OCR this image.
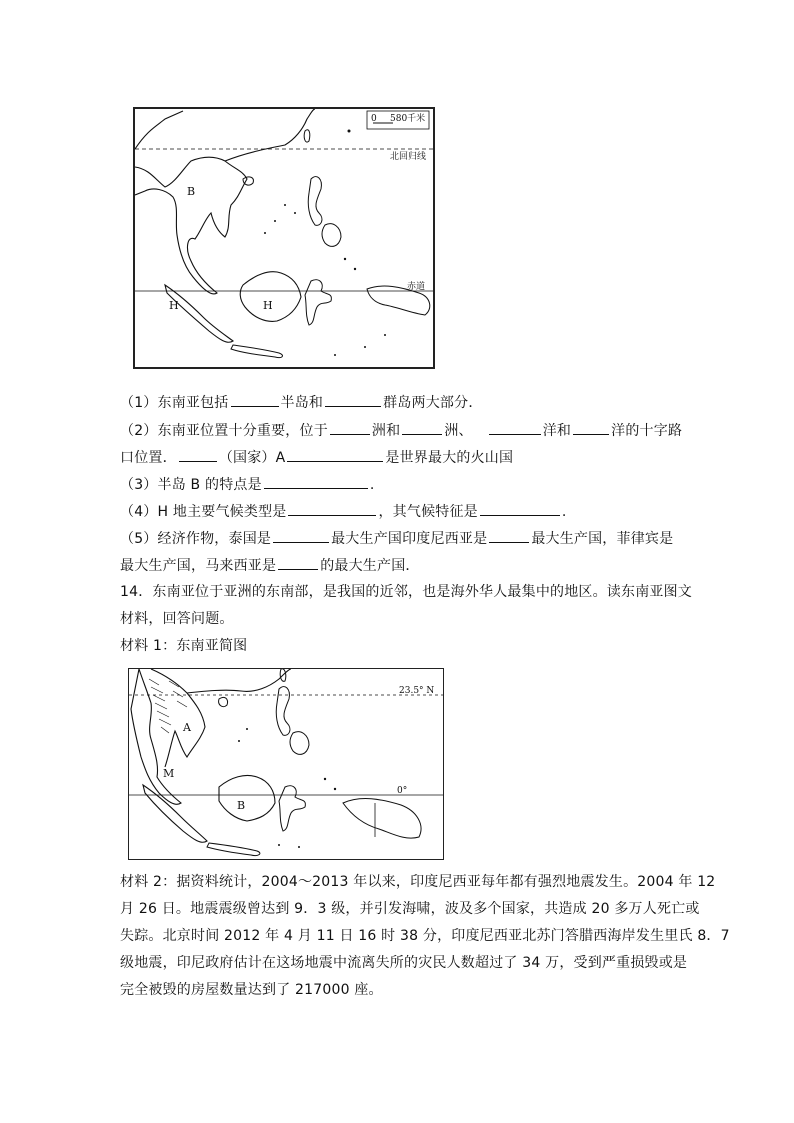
0 580千米
北回归线
赤道
B
H	H
（1）东南亚包括	半岛和	群岛两大部分．
（2）东南亚位置十分重要，位于	洲和	洲、	洋和	洋的十字路
口位置．	（国家）A	是世界最大的火山国
（3）半岛 B 的特点是	.
（4）H 地主要气候类型是	，其气候特征是	.
（5）经济作物，泰国是	最大生产国印度尼西亚是	最大生产国，菲律宾是
最大生产国，马来西亚是	的最大生产国．
14．东南亚位于亚洲的东南部，是我国的近邻，也是海外华人最集中的地区。读东南亚图文
材料，回答问题。
材料 1：东南亚简图
23.5° N
0°
A
M
B
材料 2：据资料统计，2004～2013 年以来，印度尼西亚每年都有强烈地震发生。2004 年 12
月 26 日。地震震级曾达到 9．3 级，并引发海啸，波及多个国家，共造成 20 多万人死亡或
失踪。北京时间 2012 年 4 月 11 日 16 时 38 分，印度尼西亚北苏门答腊西海岸发生里氏 8．7
级地震，印尼政府估计在这场地震中流离失所的灾民人数超过了 34 万，受到严重损毁或是
完全被毁的房屋数量达到了 217000 座。
